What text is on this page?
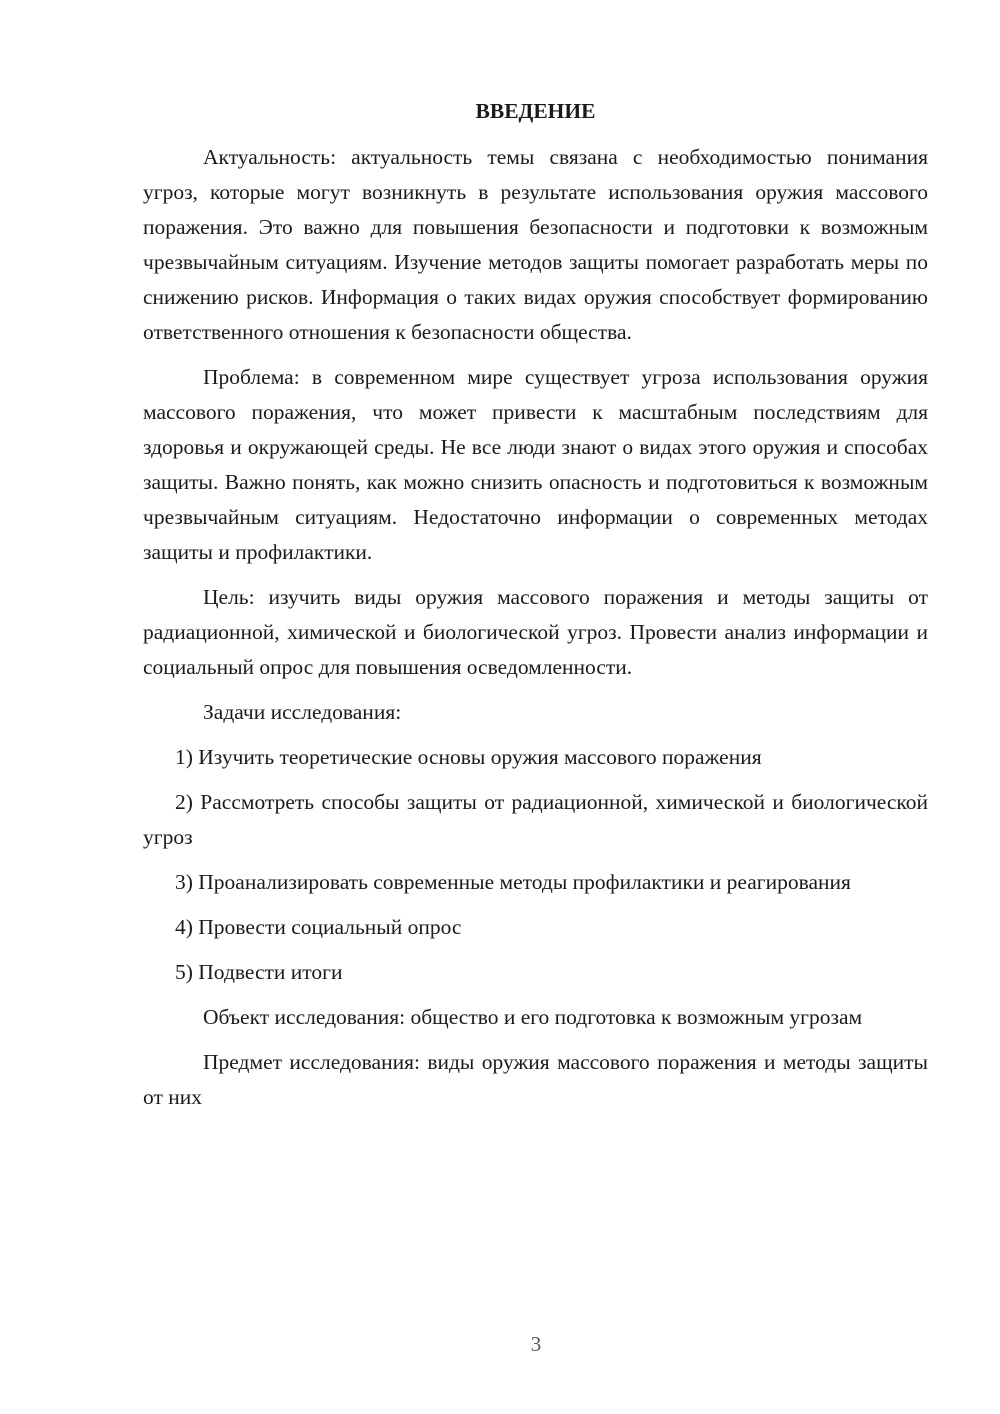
ВВЕДЕНИЕ

Актуальность: актуальность темы связана с необходимостью понимания угроз, которые могут возникнуть в результате использования оружия массового поражения. Это важно для повышения безопасности и подготовки к возможным чрезвычайным ситуациям. Изучение методов защиты помогает разработать меры по снижению рисков. Информация о таких видах оружия способствует формированию ответственного отношения к безопасности общества.

Проблема: в современном мире существует угроза использования оружия массового поражения, что может привести к масштабным последствиям для здоровья и окружающей среды. Не все люди знают о видах этого оружия и способах защиты. Важно понять, как можно снизить опасность и подготовиться к возможным чрезвычайным ситуациям. Недостаточно информации о современных методах защиты и профилактики.

Цель: изучить виды оружия массового поражения и методы защиты от радиационной, химической и биологической угроз. Провести анализ информации и социальный опрос для повышения осведомленности.

Задачи исследования:

1) Изучить теоретические основы оружия массового поражения

2) Рассмотреть способы защиты от радиационной, химической и биологической угроз

3) Проанализировать современные методы профилактики и реагирования

4) Провести социальный опрос

5) Подвести итоги

Объект исследования: общество и его подготовка к возможным угрозам

Предмет исследования: виды оружия массового поражения и методы защиты от них

3
